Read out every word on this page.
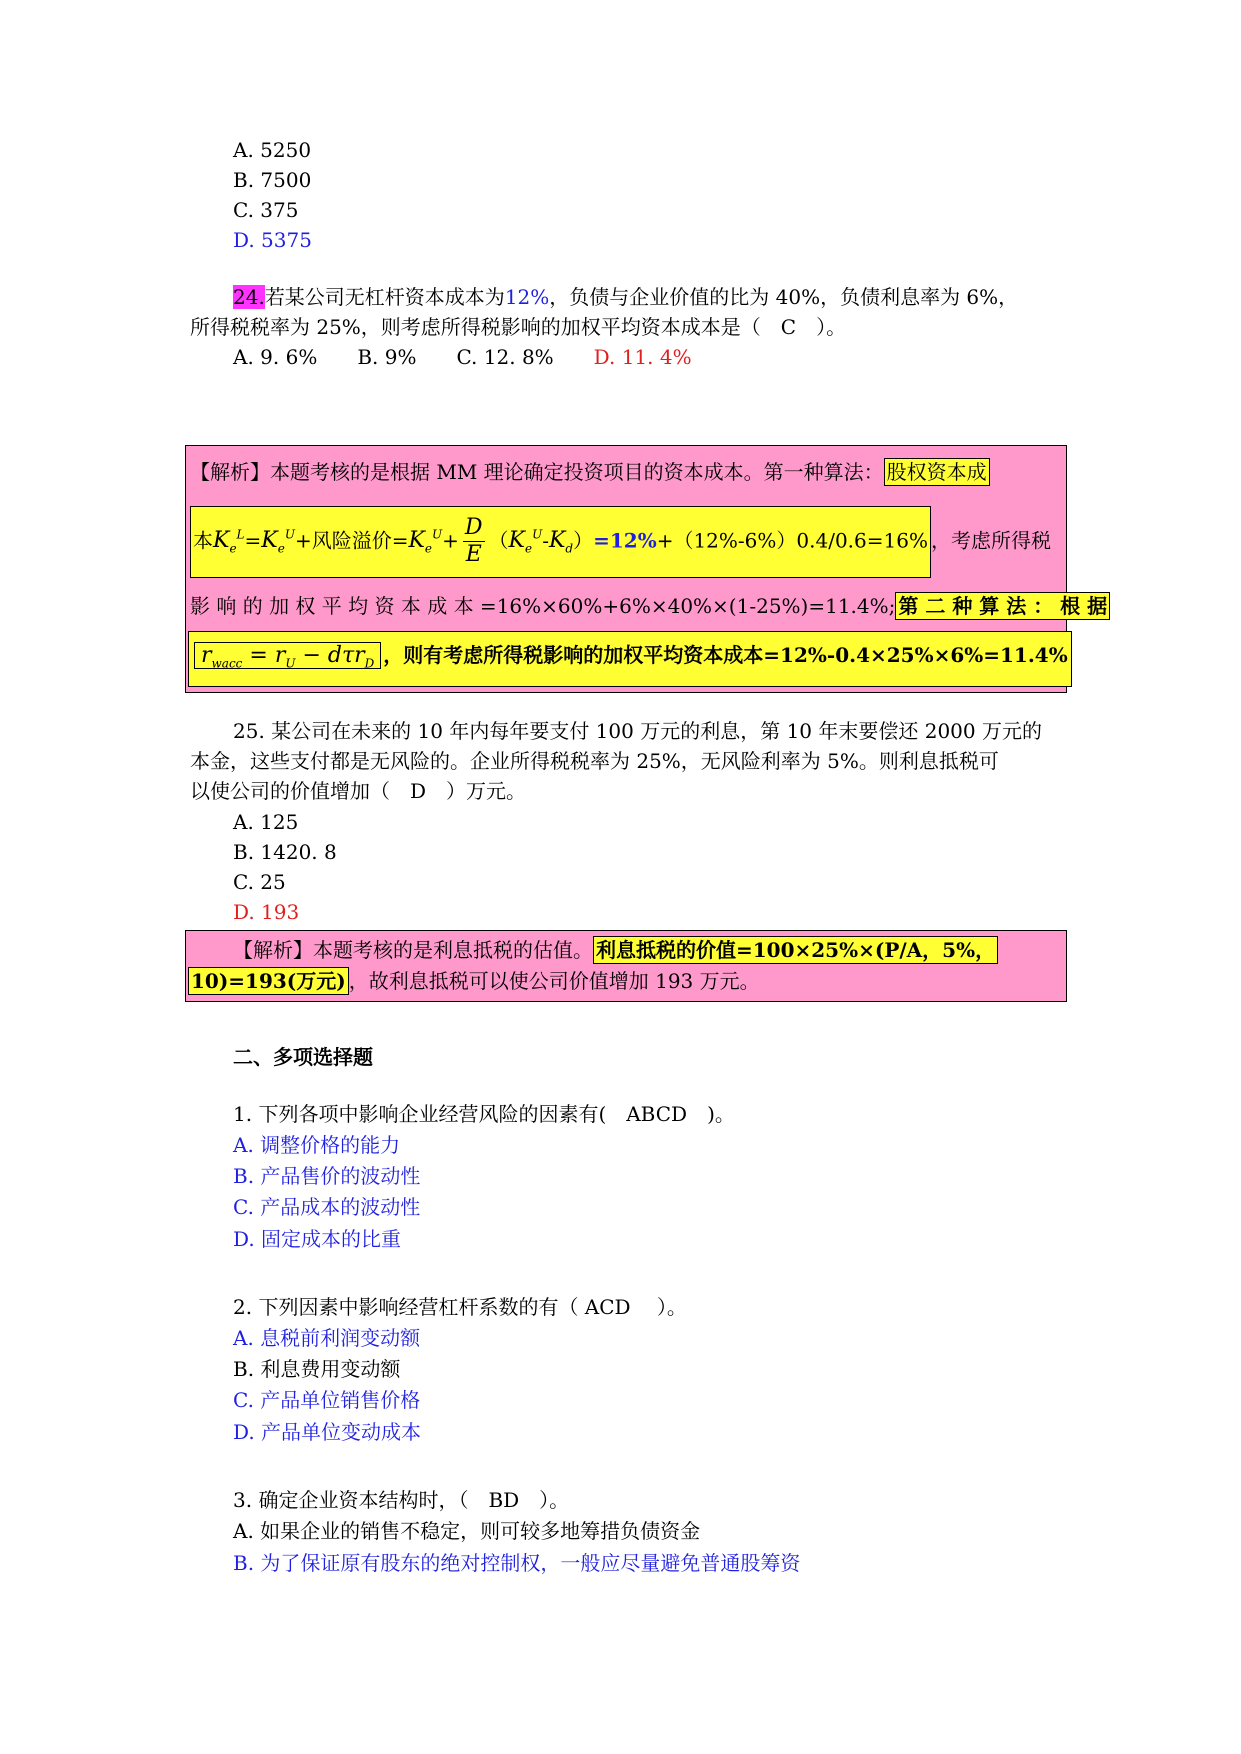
A. 5250
B. 7500
C. 375
D. 5375
24.若某公司无杠杆资本成本为12%，负债与企业价值的比为 40%，负债利息率为 6%，
所得税税率为 25%，则考虑所得税影响的加权平均资本成本是（　C　）。
A. 9. 6% B. 9% C. 12. 8% D. 11. 4%
【解析】本题考核的是根据 MM 理论确定投资项目的资本成本。第一种算法： 股权资本成
本$K_e^L=K_e^U+$风险溢价$=K_e^U+ \frac{D}{E} (K_e^U-K_d)=12\%+(12\%-6\%)0.4/0.6=16\%$ ，考虑所得税
影 响 的 加 权 平 均 资 本 成 本 =16%×60%+6%×40%×(1-25%)=11.4%; 第 二 种 算 法 ： 根 据
$r_{wacc} = r_U - d\tau r_D$ ，则有考虑所得税影响的加权平均资本成本=12%-0.4×25%×6%=11.4%
25. 某公司在未来的 10 年内每年要支付 100 万元的利息，第 10 年末要偿还 2000 万元的
本金，这些支付都是无风险的。企业所得税税率为 25%，无风险利率为 5%。则利息抵税可
以使公司的价值增加（　D　）万元。
A. 125
B. 1420. 8
C. 25
D. 193
【解析】本题考核的是利息抵税的估值。 利息抵税的价值=100×25%×(P/A，5%，
10)=193(万元) ，故利息抵税可以使公司价值增加 193 万元。
二、多项选择题
1. 下列各项中影响企业经营风险的因素有(　ABCD　)。
A. 调整价格的能力
B. 产品售价的波动性
C. 产品成本的波动性
D. 固定成本的比重
2. 下列因素中影响经营杠杆系数的有（ ACD　 ）。
A. 息税前利润变动额
B. 利息费用变动额
C. 产品单位销售价格
D. 产品单位变动成本
3. 确定企业资本结构时，（　BD　）。
A. 如果企业的销售不稳定，则可较多地筹措负债资金
B. 为了保证原有股东的绝对控制权，一般应尽量避免普通股筹资
